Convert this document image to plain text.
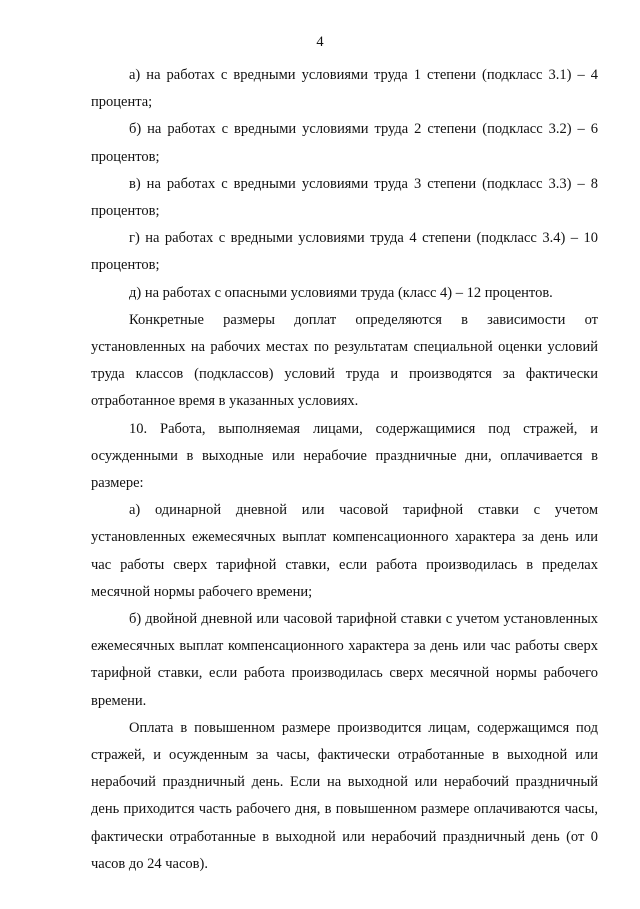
4

а) на работах с вредными условиями труда 1 степени (подкласс 3.1) – 4 процента;

б) на работах с вредными условиями труда 2 степени (подкласс 3.2) – 6 процентов;

в) на работах с вредными условиями труда 3 степени (подкласс 3.3) – 8 процентов;

г) на работах с вредными условиями труда 4 степени (подкласс 3.4) – 10 процентов;

д) на работах с опасными условиями труда (класс 4) – 12 процентов.

Конкретные размеры доплат определяются в зависимости от установленных на рабочих местах по результатам специальной оценки условий труда классов (подклассов) условий труда и производятся за фактически отработанное время в указанных условиях.

10. Работа, выполняемая лицами, содержащимися под стражей, и осужденными в выходные или нерабочие праздничные дни, оплачивается в размере:

а) одинарной дневной или часовой тарифной ставки с учетом установленных ежемесячных выплат компенсационного характера за день или час работы сверх тарифной ставки, если работа производилась в пределах месячной нормы рабочего времени;

б) двойной дневной или часовой тарифной ставки с учетом установленных ежемесячных выплат компенсационного характера за день или час работы сверх тарифной ставки, если работа производилась сверх месячной нормы рабочего времени.

Оплата в повышенном размере производится лицам, содержащимся под стражей, и осужденным за часы, фактически отработанные в выходной или нерабочий праздничный день. Если на выходной или нерабочий праздничный день приходится часть рабочего дня, в повышенном размере оплачиваются часы, фактически отработанные в выходной или нерабочий праздничный день (от 0 часов до 24 часов).
